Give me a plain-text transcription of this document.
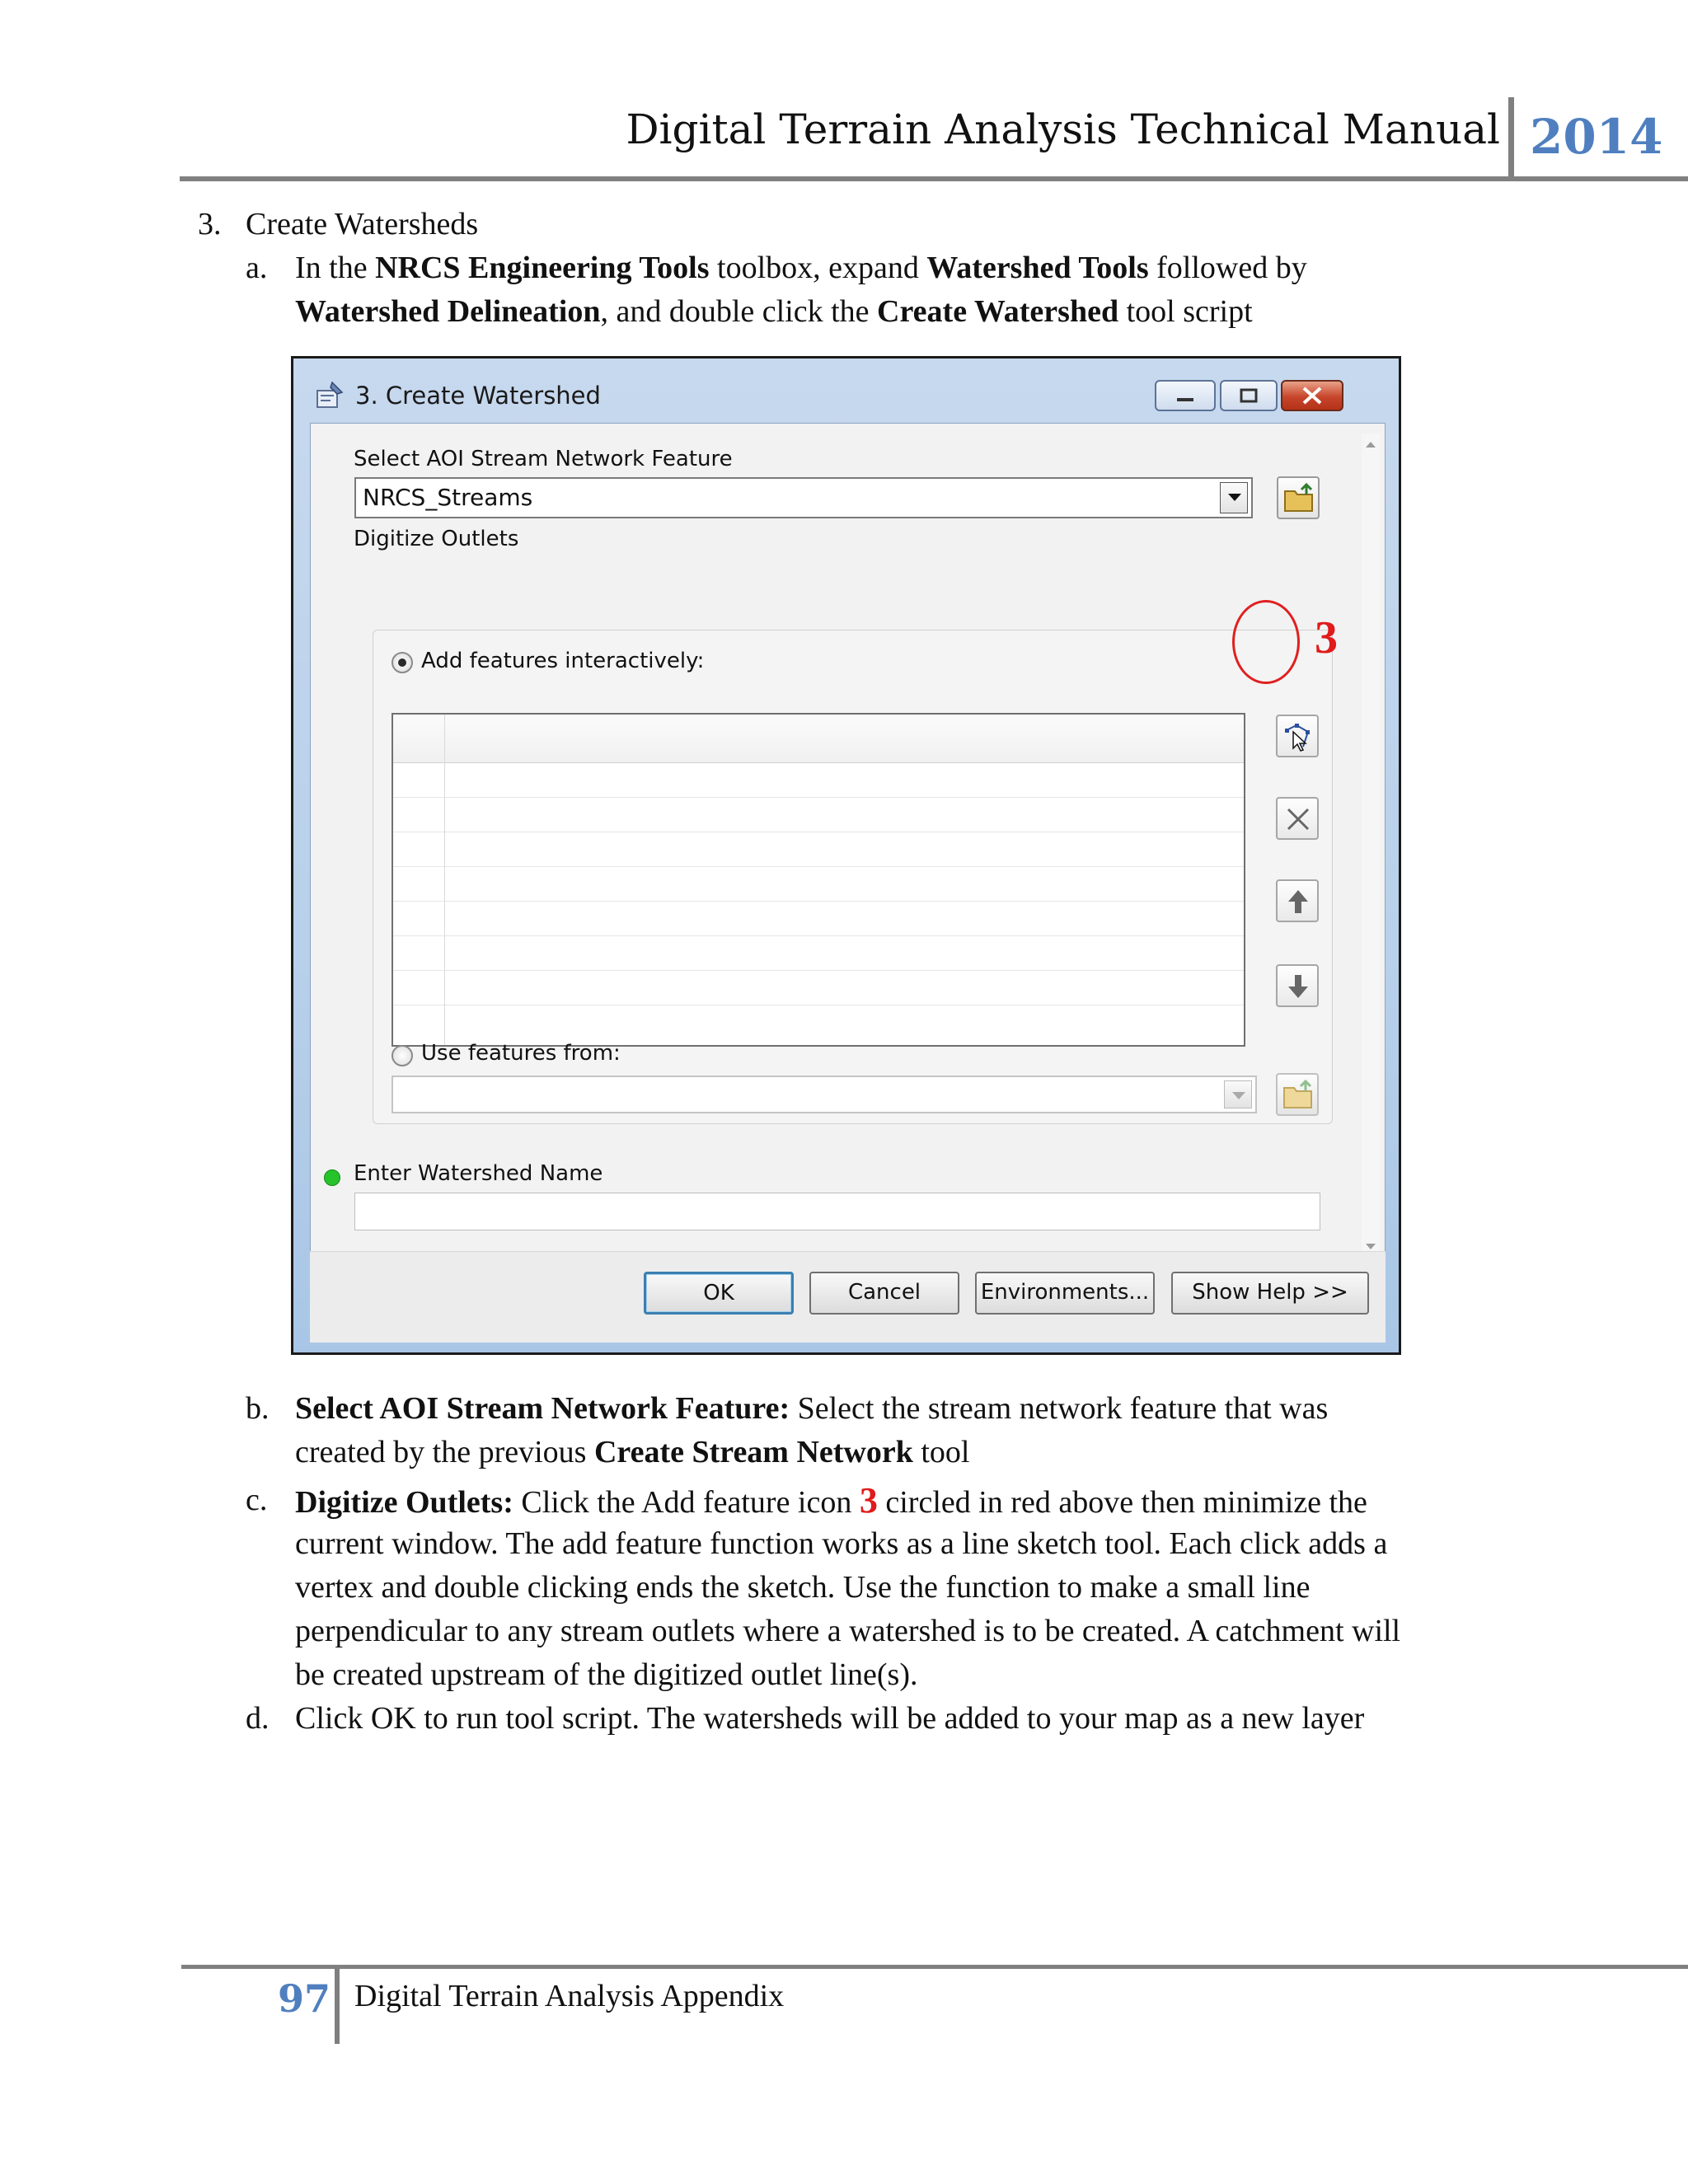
Digital Terrain Analysis Technical Manual 2014
3. Create Watersheds
a. In the NRCS Engineering Tools toolbox, expand Watershed Tools followed by
Watershed Delineation, and double click the Create Watershed tool script
3. Create Watershed
Select AOI Stream Network Feature
NRCS_Streams
Digitize Outlets
Add features interactively:
Use features from:
Enter Watershed Name
OK	Cancel	Environments...	Show Help >>
3
b. Select AOI Stream Network Feature: Select the stream network feature that was
created by the previous Create Stream Network tool
c. Digitize Outlets: Click the Add feature icon 3 circled in red above then minimize the
current window. The add feature function works as a line sketch tool. Each click adds a
vertex and double clicking ends the sketch. Use the function to make a small line
perpendicular to any stream outlets where a watershed is to be created. A catchment will
be created upstream of the digitized outlet line(s).
d. Click OK to run tool script. The watersheds will be added to your map as a new layer
97 Digital Terrain Analysis Appendix
